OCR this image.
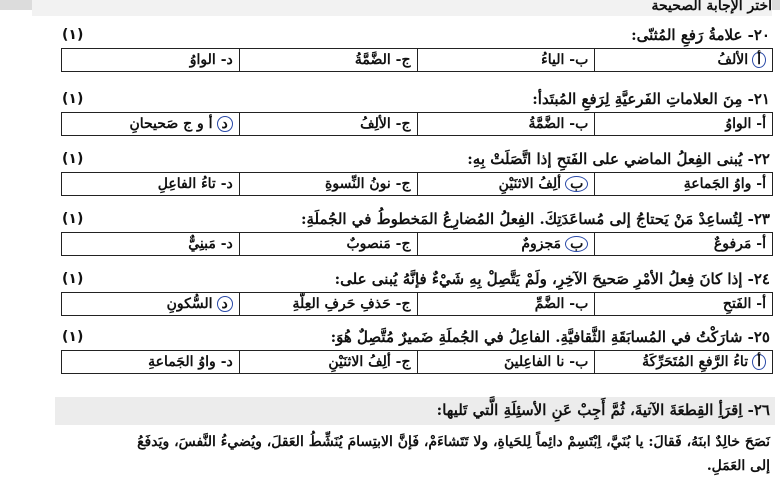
اختر الإجابة الصحيحة
٢٠- علامةُ رَفعِ المُثنّى:
(١)
أالألفُ	ب- الياءُ	ج- الضَّمَّةُ	د- الواوُ
٢١- مِنَ العلاماتِ الفَرعيَّةِ لِرَفعِ المُبتَدأ:
(١)
أ- الواوُ	ب- الضَّمَّةُ	ج- الألِفُ	دأ و ج صَحيحانِ
٢٢- يُبنى الفِعلُ الماضي على الفَتحِ إذا اتَّصَلَتْ بِهِ:
(١)
أ- واوُ الجَماعةِ	بألِفُ الاثنَيْنِ	ج- نونُ النِّسوةِ	د- تاءُ الفاعِلِ
٢٣- لِتُساعِدْ مَنْ يَحتاجُ إلى مُساعَدَتِكَ. الفِعلُ المُضارِعُ المَخطوطُ في الجُملَةِ:
(١)
أ- مَرفوعٌ	بمَجزومٌ	ج- مَنصوبٌ	د- مَبنِيٌّ
٢٤- إذا كانَ فِعلُ الأمْرِ صَحيحَ الآخِرِ، ولَمْ يَتَّصِلْ بِهِ شَيْءٌ فإنَّهُ يُبنى على:
(١)
أ- الفَتحِ	ب- الضَّمِّ	ج- حَذفِ حَرفِ العِلَّةِ	دالسُّكونِ
٢٥- شارَكْتُ في المُسابَقَةِ الثَّقافيَّةِ. الفاعِلُ في الجُملَةِ ضَميرٌ مُتَّصِلٌ هُوَ:
(١)
أتاءُ الرَّفعِ المُتَحَرِّكَةُ	ب- نا الفاعِلينَ	ج- ألِفُ الاثنَيْنِ	د- واوُ الجَماعةِ
٢٦- اِقرَأِ القِطعَةَ الآتيةَ، ثُمَّ أَجِبْ عَنِ الأسئِلَةِ الَّتي تَليها:

نَصَحَ خالِدٌ ابنَهُ، فَقالَ: يا بُنَيَّ، اِبْتَسِمْ دائِماً لِلحَياةِ، ولا تَتَشاءَمْ، فَإنَّ الابتِسامَ يُنَشِّطُ العَقلَ، ويُضيءُ النَّفسَ، ويَدفَعُ

إلى العَمَلِ.
